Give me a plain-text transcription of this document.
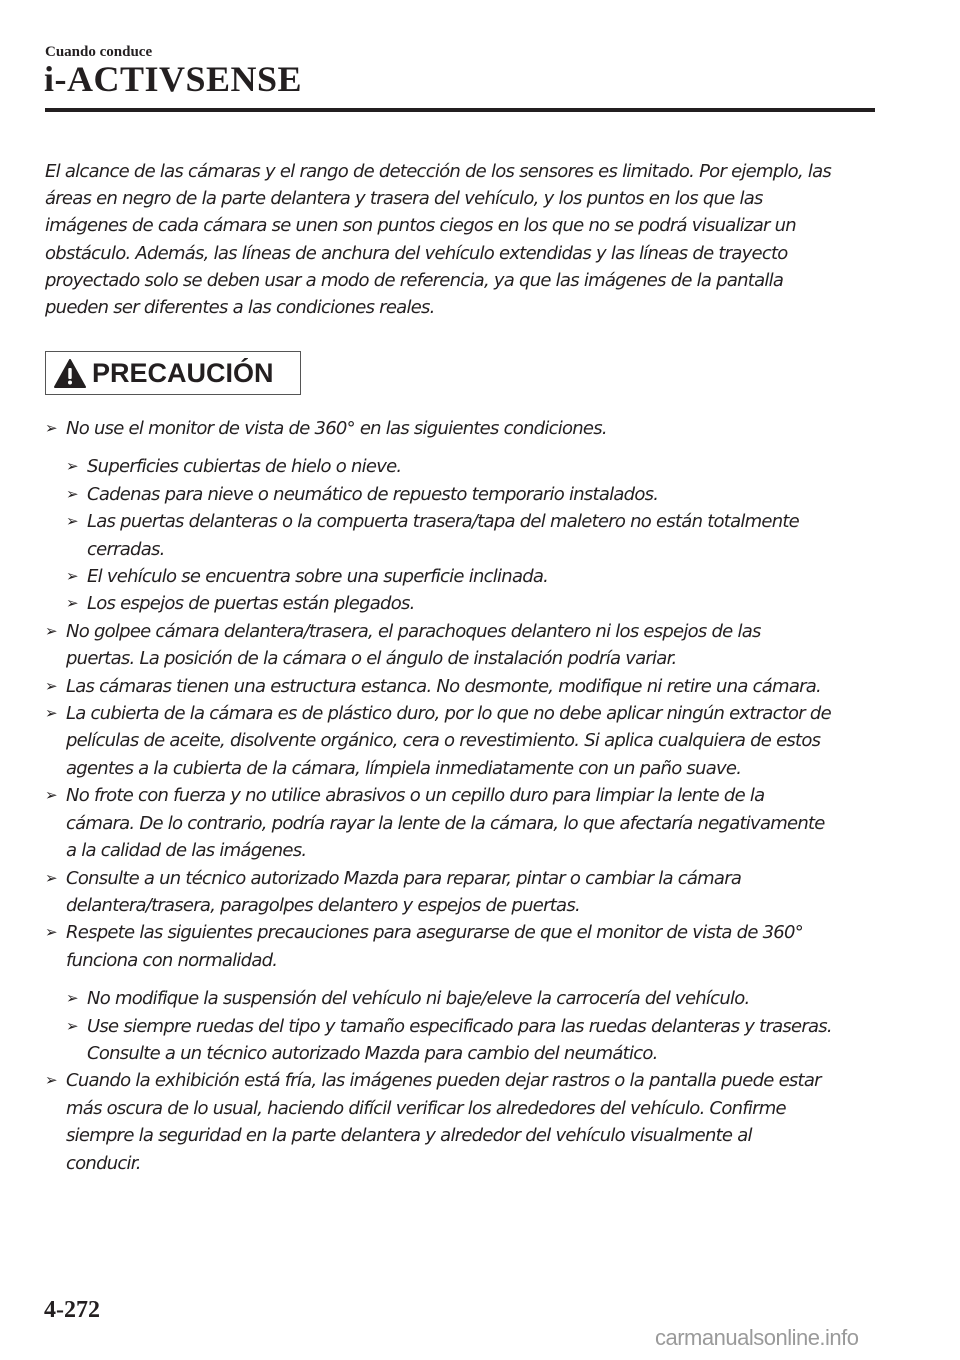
Cuando conduce
i-ACTIVSENSE
El alcance de las cámaras y el rango de detección de los sensores es limitado. Por ejemplo, las
áreas en negro de la parte delantera y trasera del vehículo, y los puntos en los que las
imágenes de cada cámara se unen son puntos ciegos en los que no se podrá visualizar un
obstáculo. Además, las líneas de anchura del vehículo extendidas y las líneas de trayecto
proyectado solo se deben usar a modo de referencia, ya que las imágenes de la pantalla
pueden ser diferentes a las condiciones reales.
PRECAUCIÓN
➢ No use el monitor de vista de 360° en las siguientes condiciones.
➢ Superficies cubiertas de hielo o nieve.
➢ Cadenas para nieve o neumático de repuesto temporario instalados.
➢ Las puertas delanteras o la compuerta trasera/tapa del maletero no están totalmente
cerradas.
➢ El vehículo se encuentra sobre una superficie inclinada.
➢ Los espejos de puertas están plegados.
➢ No golpee cámara delantera/trasera, el parachoques delantero ni los espejos de las
puertas. La posición de la cámara o el ángulo de instalación podría variar.
➢ Las cámaras tienen una estructura estanca. No desmonte, modifique ni retire una cámara.
➢ La cubierta de la cámara es de plástico duro, por lo que no debe aplicar ningún extractor de
películas de aceite, disolvente orgánico, cera o revestimiento. Si aplica cualquiera de estos
agentes a la cubierta de la cámara, límpiela inmediatamente con un paño suave.
➢ No frote con fuerza y no utilice abrasivos o un cepillo duro para limpiar la lente de la
cámara. De lo contrario, podría rayar la lente de la cámara, lo que afectaría negativamente
a la calidad de las imágenes.
➢ Consulte a un técnico autorizado Mazda para reparar, pintar o cambiar la cámara
delantera/trasera, paragolpes delantero y espejos de puertas.
➢ Respete las siguientes precauciones para asegurarse de que el monitor de vista de 360°
funciona con normalidad.
➢ No modifique la suspensión del vehículo ni baje/eleve la carrocería del vehículo.
➢ Use siempre ruedas del tipo y tamaño especificado para las ruedas delanteras y traseras.
Consulte a un técnico autorizado Mazda para cambio del neumático.
➢ Cuando la exhibición está fría, las imágenes pueden dejar rastros o la pantalla puede estar
más oscura de lo usual, haciendo difícil verificar los alrededores del vehículo. Confirme
siempre la seguridad en la parte delantera y alrededor del vehículo visualmente al
conducir.
4-272
carmanualsonline.info
